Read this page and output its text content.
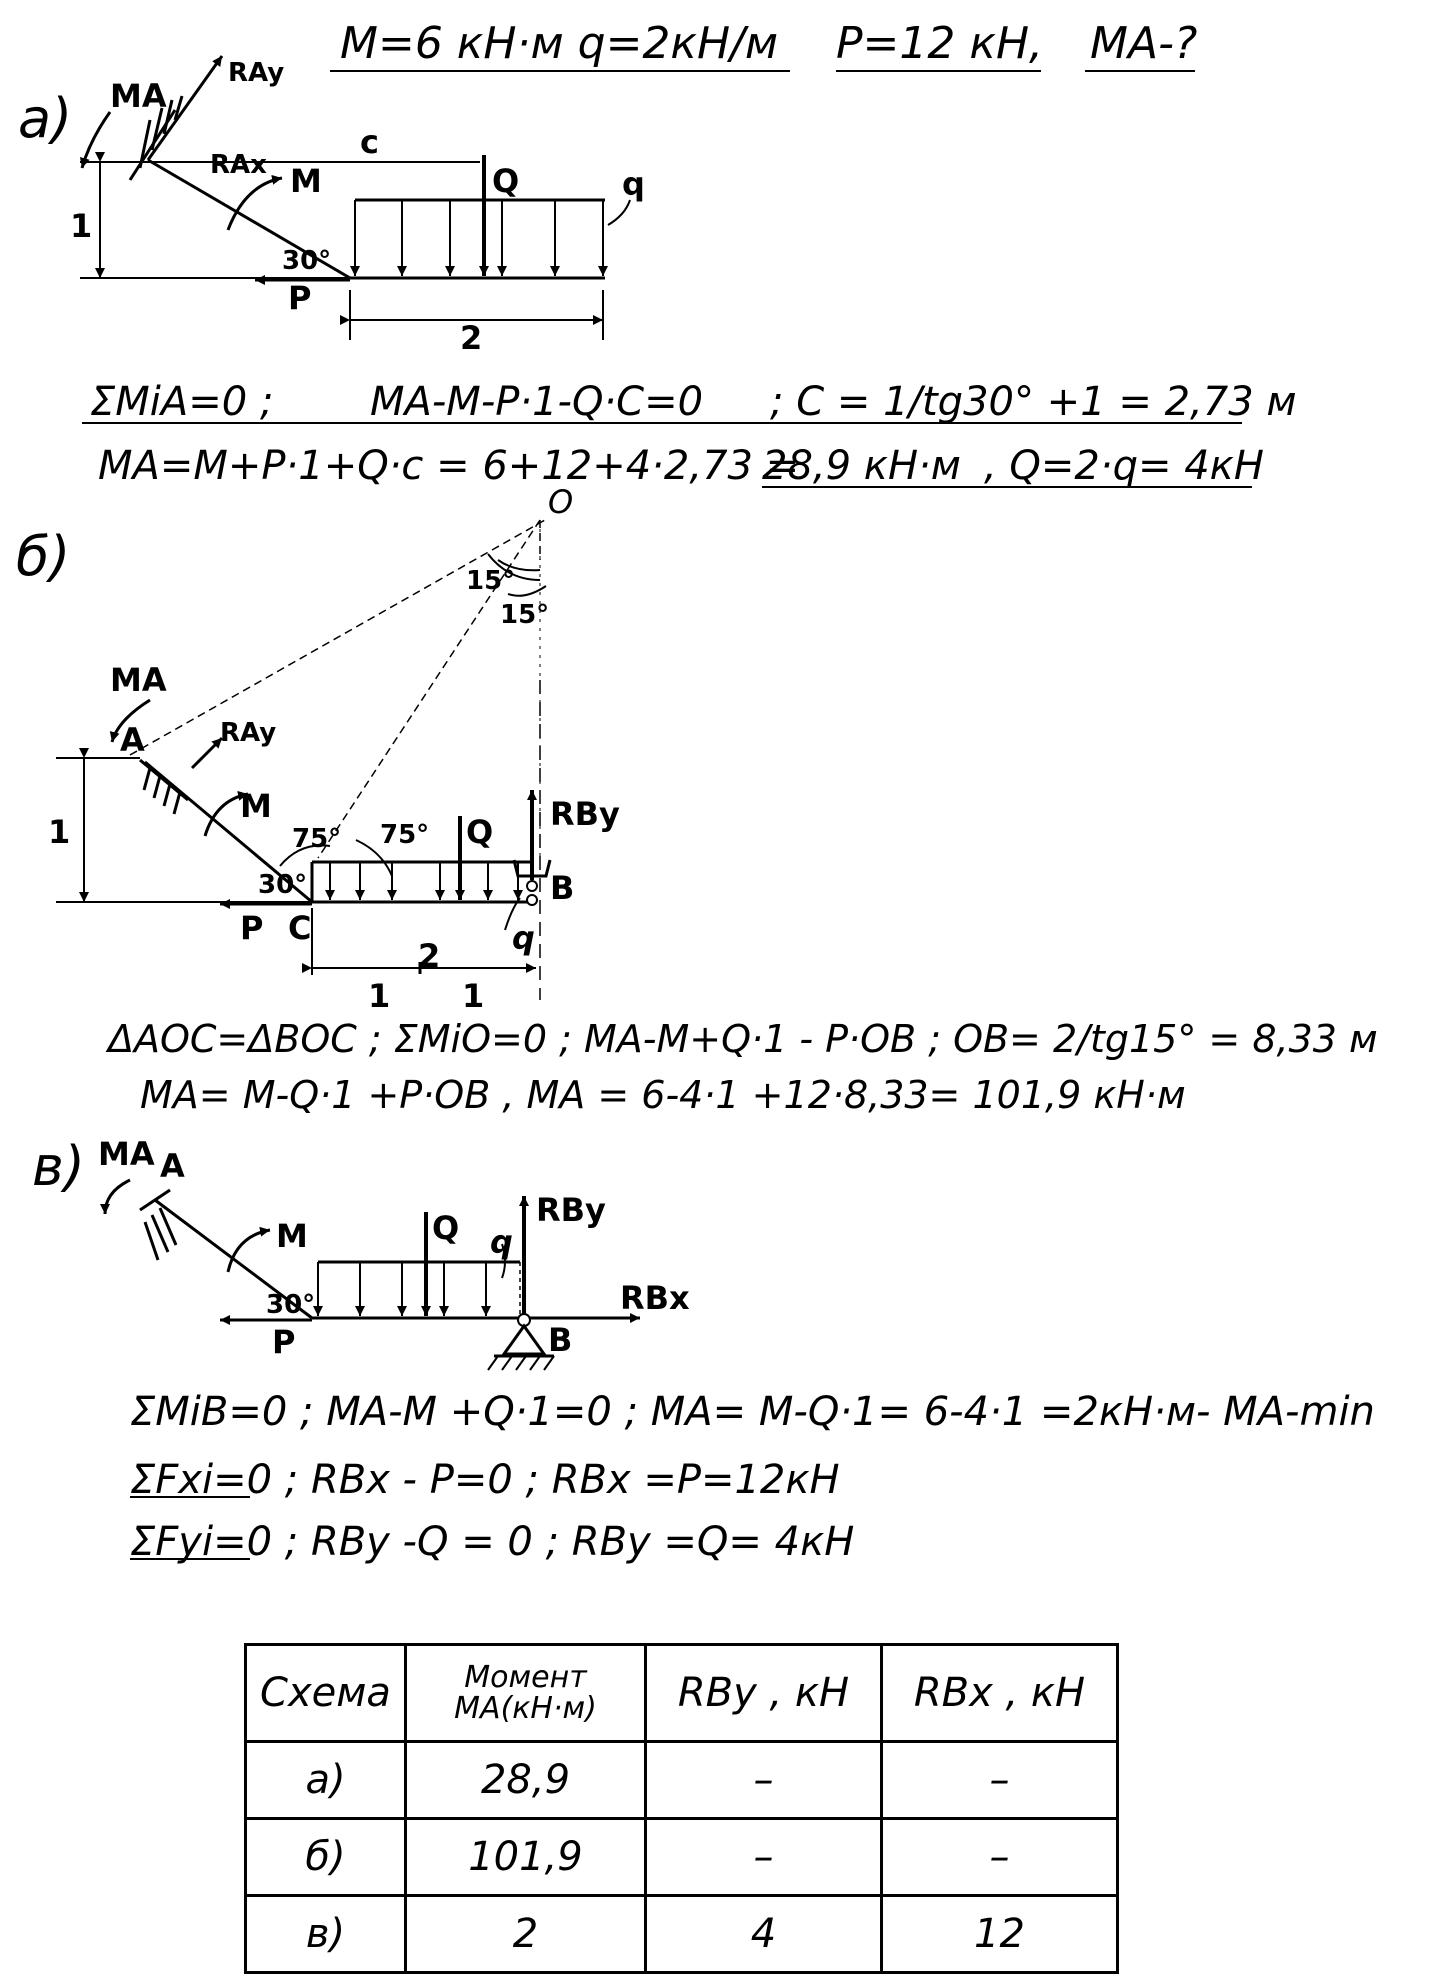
M=6 кН·м q=2кН/м P=12 кН, MA-?
а) MA
RAy
RAx M	Q	q
c
P
30°
1
2
ΣMiA=0 ; MA-M-P·1-Q·C=0 ; C = 1/tg30° +1 = 2,73 м
MA=M+P·1+Q·c = 6+12+4·2,73 =
28,9 кН·м , Q=2·q= 4кН
б)
O
15°
15°
MA
A	RAy
M
75° 75° Q RBy
B
C
P	q
30°
1
2
1 1
ΔAOC=ΔBOC ; ΣMiO=0 ; MA-M+Q·1 - P·OB ; OB= 2/tg15° = 8,33 м
MA= M-Q·1 +P·OB , MA = 6-4·1 +12·8,33= 101,9 кН·м
в) MA A
M	Q q
RBy
RBx
B
P
30°
ΣMiB=0 ; MA-M +Q·1=0 ; MA= M-Q·1= 6-4·1 =2кН·м- MA-min
ΣFxi=0 ; RBx - P=0 ; RBx =P=12кН
ΣFyi=0 ; RBy -Q = 0 ; RBy =Q= 4кН
Схема	Момент MA(кН·м)	RBy , кН	RBx , кН
а)	28,9	–	–
б)	101,9	–	–
в)	2	4	12
